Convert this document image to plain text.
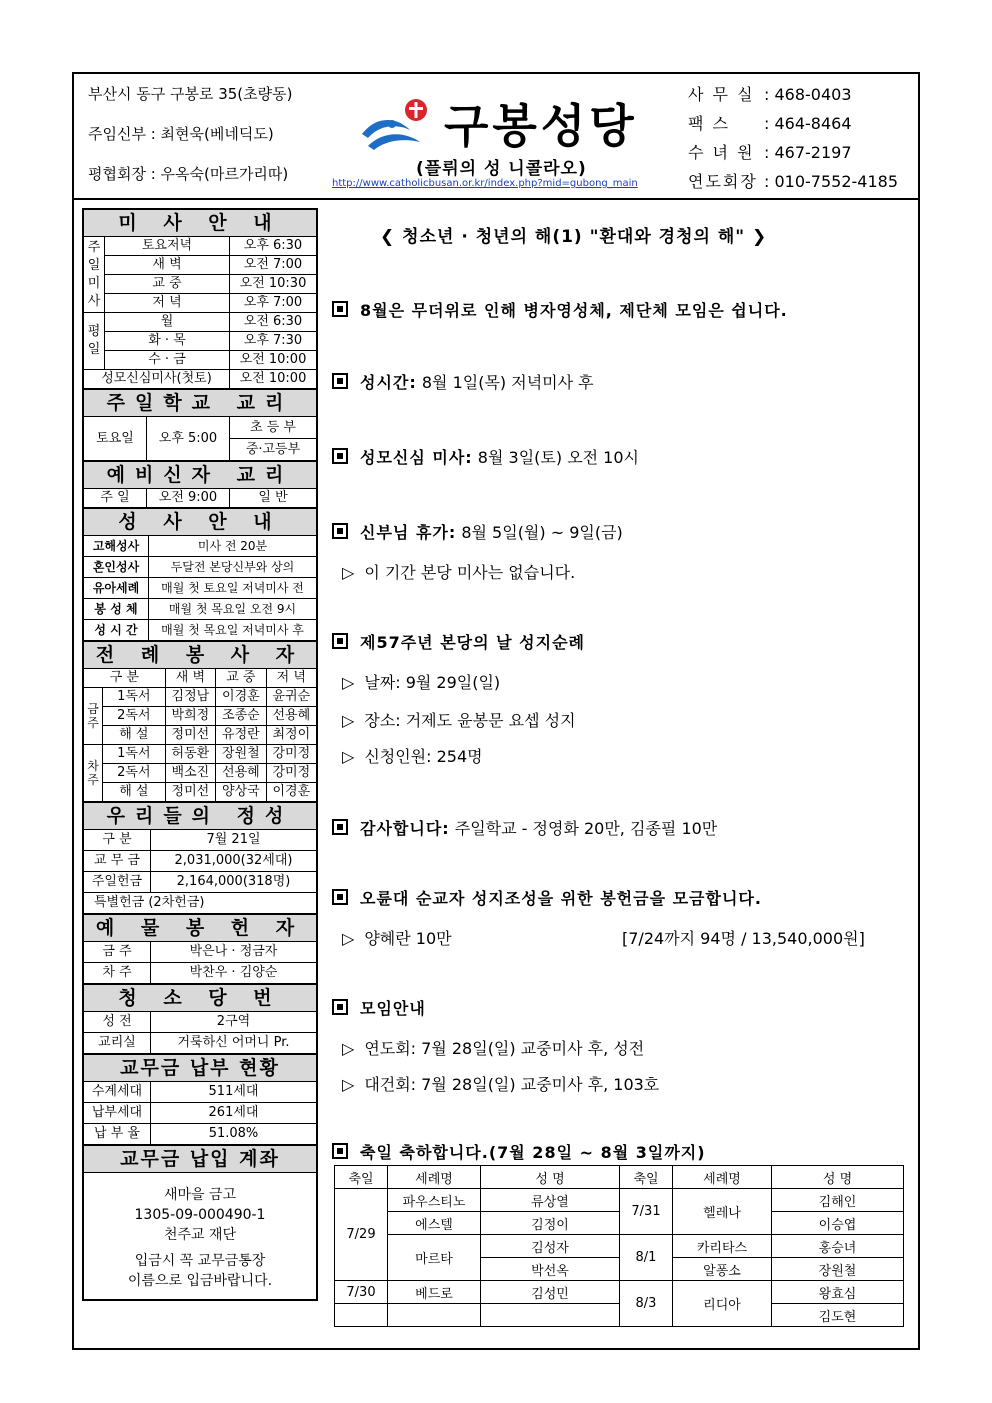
부산시 동구 구봉로 35(초량동)
주임신부 : 최현욱(베네딕도)
평협회장 : 우옥숙(마르가리따)
구봉성당
(플뤼의 성 니콜라오)
http://www.catholicbusan.or.kr/index.php?mid=gubong_main
사 무 실 : 468-0403
팩 스	: 464-8464
수 녀 원 : 467-2197
연도회장 : 010-7552-4185
미 사 안 내
주
일
미
사	토요저녁	오후 6:30
	새 벽	오전 7:00
	교 중	오전 10:30
	저 녁	오후 7:00

평
일	월	오전 6:30
	화 · 목	오후 7:30
	수 · 금	오전 10:00
성모신심미사(첫토)		오전 10:00
주일학교 교리
토요일	오후 5:00	초 등 부
중·고등부
예비신자 교리
주 일	오전 9:00	일 반
성 사 안 내
고해성사	미사 전 20분
혼인성사	두달전 본당신부와 상의
유아세례	매월 첫 토요일 저녁미사 전
봉 성 체	매월 첫 목요일 오전 9시
성 시 간	매월 첫 목요일 저녁미사 후
전 례 봉 사 자
구 분		새 벽	교 중	저 녁
금주	1독서	김정남	이경훈	윤귀순
	2독서	박희정	조종순	선용혜
	해 설	정미선	유정란	최정이
차주	1독서	허동환	장원철	강미정
	2독서	백소진	선용혜	강미정
	해 설	정미선	양상국	이경훈
우리들의 정성
구 분	7월 21일
교 무 금	2,031,000(32세대)
주일헌금	2,164,000(318명)
특별헌금 (2차헌금)	
예 물 봉 헌 자
금 주	박은나 · 정금자
차 주	박찬우 · 김양순
청 소 당 번
성 전	2구역
교리실	거룩하신 어머니 Pr.
교무금 납부 현황
수계세대	511세대
납부세대	261세대
납 부 율	51.08%
교무금 납입 계좌
새마을 금고
1305-09-000490-1
천주교 재단
입금시 꼭 교무금통장
이름으로 입금바랍니다.
❮ 청소년 · 청년의 해(1) "환대와 경청의 해" ❯
8월은 무더위로 인해 병자영성체, 제단체 모임은 쉽니다.
성시간: 8월 1일(목) 저녁미사 후
성모신심 미사: 8월 3일(토) 오전 10시
신부님 휴가: 8월 5일(월) ~ 9일(금)
▷ 이 기간 본당 미사는 없습니다.
제57주년 본당의 날 성지순례
▷ 날짜: 9월 29일(일)
▷ 장소: 거제도 윤봉문 요셉 성지
▷ 신청인원: 254명
감사합니다: 주일학교 - 정영화 20만, 김종필 10만
오륜대 순교자 성지조성을 위한 봉헌금을 모금합니다.
▷ 양혜란 10만	[7/24까지 94명 / 13,540,000원]
모임안내
▷ 연도회: 7월 28일(일) 교중미사 후, 성전
▷ 대건회: 7월 28일(일) 교중미사 후, 103호
축일 축하합니다.(7월 28일 ~ 8월 3일까지)
축일	세례명	성 명	축일	세례명	성 명
7/29	파우스티노	류상열	7/31	헬레나	김해인
	에스텔	김정이			이승엽
	마르타	김성자	8/1	카리타스	홍승녀
		박선옥		알퐁소	장원철
7/30	베드로	김성민	8/3	리디아	왕효심
					김도현
